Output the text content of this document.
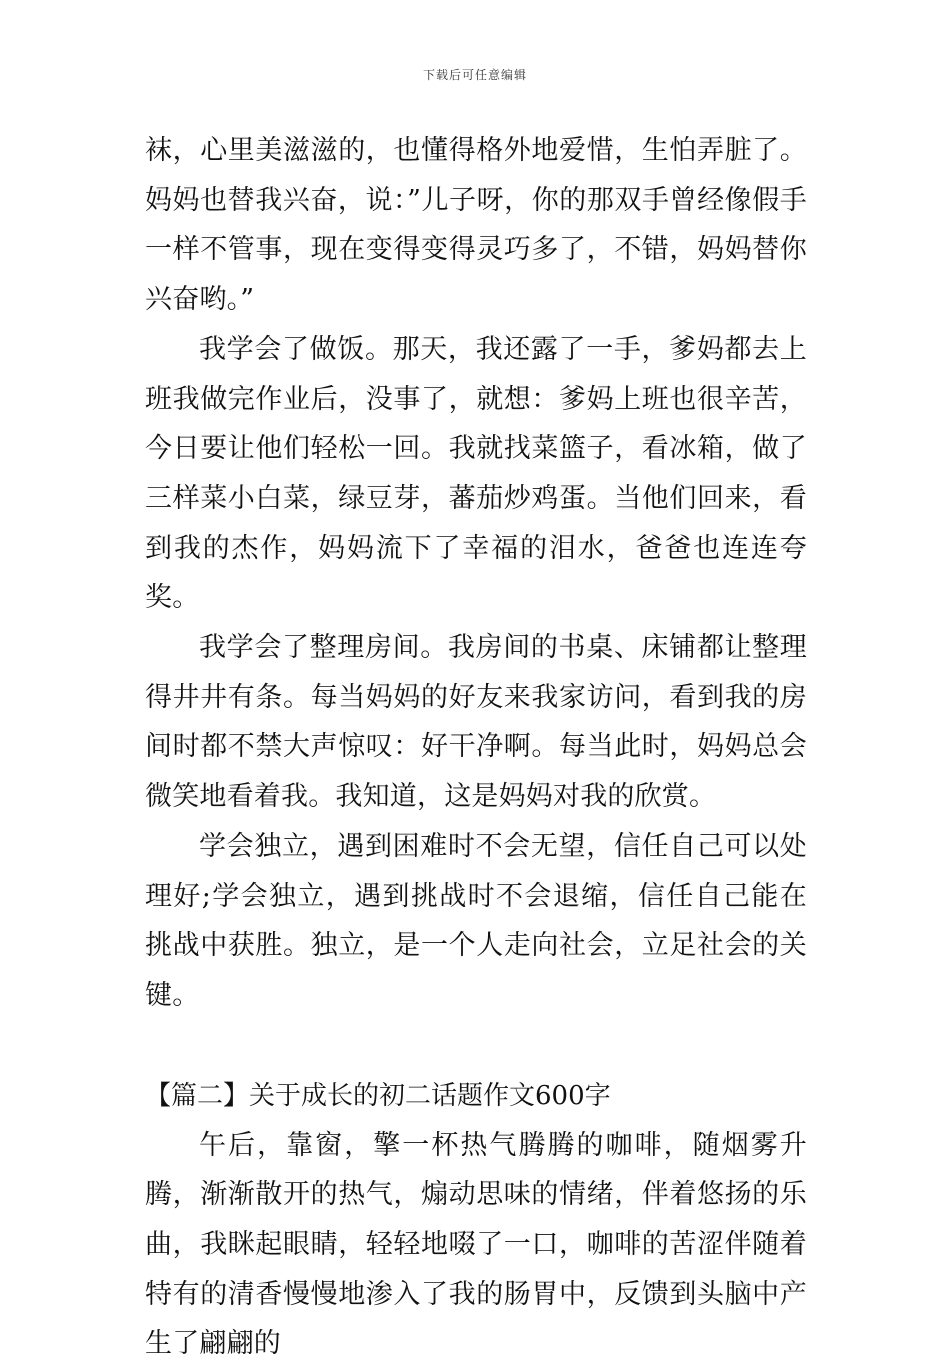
下载后可任意编辑

袜，心里美滋滋的，也懂得格外地爱惜，生怕弄脏了。妈妈也替我兴奋，说：”儿子呀，你的那双手曾经像假手一样不管事，现在变得变得灵巧多了，不错，妈妈替你兴奋哟。”

我学会了做饭。那天，我还露了一手，爹妈都去上班我做完作业后，没事了，就想：爹妈上班也很辛苦，今日要让他们轻松一回。我就找菜篮子，看冰箱，做了三样菜小白菜，绿豆芽，蕃茄炒鸡蛋。当他们回来，看到我的杰作，妈妈流下了幸福的泪水，爸爸也连连夸奖。

我学会了整理房间。我房间的书桌、床铺都让整理得井井有条。每当妈妈的好友来我家访问，看到我的房间时都不禁大声惊叹：好干净啊。每当此时，妈妈总会微笑地看着我。我知道，这是妈妈对我的欣赏。

学会独立，遇到困难时不会无望，信任自己可以处理好;学会独立，遇到挑战时不会退缩，信任自己能在挑战中获胜。独立，是一个人走向社会，立足社会的关键。

【篇二】关于成长的初二话题作文600字

午后，靠窗，擎一杯热气腾腾的咖啡，随烟雾升腾，渐渐散开的热气，煽动思味的情绪，伴着悠扬的乐曲，我眯起眼睛，轻轻地啜了一口，咖啡的苦涩伴随着特有的清香慢慢地渗入了我的肠胃中，反馈到头脑中产生了翩翩的
